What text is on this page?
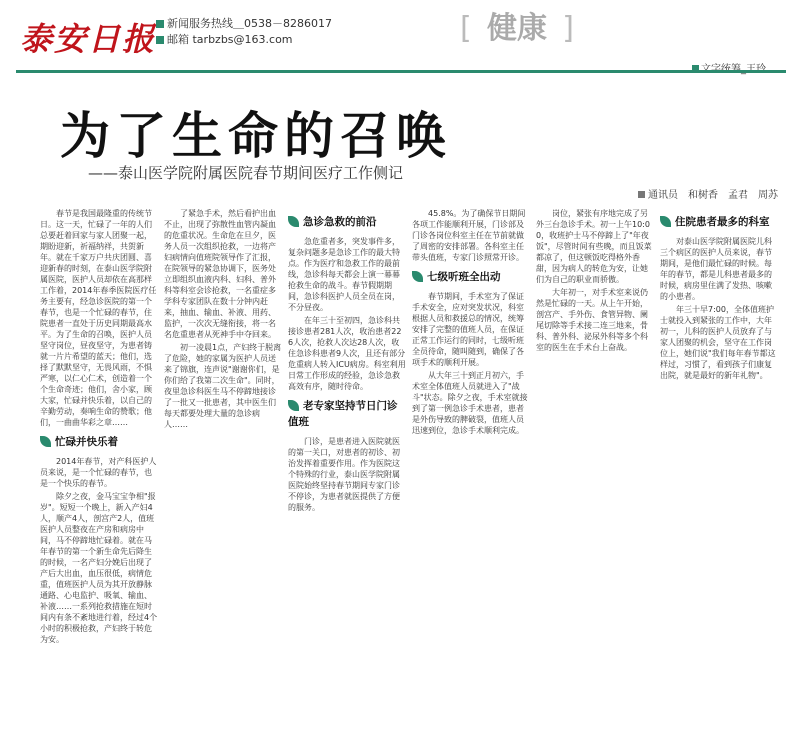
泰安日报 新闻服务热线＿0538－8286017
邮箱 tarbzbs@163.com
[	健康 ]
为了生命的召唤
——泰山医学院附属医院春节期间医疗工作侧记
通讯员　和树香　孟君　周苏

春节是我国最隆重的传统节日。这一天，忙碌了一年的人们总要赶着回家与家人团聚一起，期盼迎新，祈福纳祥，共贺新年。就在千家万户共庆团圆、喜迎新春的时刻，在泰山医学院附属医院，医护人员却依在高那样工作着，2014年春季医院医疗任务主要有，经急诊医院的第一个春节，也是一个忙碌的春节，住院患者一直处于历史同期最高水平。为了生命的召唤，医护人员坚守岗位，昼夜坚守，为患者铸就一片片希望的蓝天；他们，选择了默默坚守，无畏风雨，不惧严寒，以仁心仁术，创造着一个个生命奇迹；他们，舍小家，顾大家，忙碌并快乐着，以自己的辛勤劳动，奏响生命的赞歌；他们，一曲曲华彩之章……

忙碌并快乐着

2014年春节，对产科医护人员来说，是一个忙碌的春节，也是一个快乐的春节。

除夕之夜，金马宝宝争相"报岁"。短短一个晚上，新入产妇4人，顺产4人，剖宫产2人，值班医护人员整夜在产房和病房中间，马不停蹄地忙碌着。就在马年春节的第一个新生命先后降生的时候，一名产妇分娩后出现了产后大出血，血压很低，病情危重，值班医护人员为其开放静脉通路、心电监护、吸氧、输血、补液……一系列抢救措施在短时间内有条不紊地进行着，经过4个小时的积极抢救，产妇终于转危为安。

了紧急手术，然后看护出血不止，出现了弥散性血管内凝血的危重状况。生命危在旦夕，医务人员一次组织抢救，一边将产妇病情向值班院领导作了汇报，在院领导的紧急协调下，医务处立即组织血液内科、妇科、普外科等科室会诊抢救，一名重症多学科专家团队在数十分钟内赶来，抽血、输血、补液、用药、监护，一次次无缝衔接，将一名名危重患者从死神手中夺回来。

初一凌晨1点，产妇终于脱离了危险，她的家属为医护人员送来了锦旗，连声说"谢谢你们，是你们给了我第二次生命"。同时，夜里急诊科医生马不停蹄地接诊了一批又一批患者，其中医生们每天都要处理大量的急诊病人……

急诊急救的前沿

急危重者多，突发事件多，复杂问题多是急诊工作的最大特点。作为医疗和急救工作的最前线，急诊科每天都会上演一幕幕抢救生命的战斗。春节假期期间，急诊科医护人员全员在岗，不分昼夜。

在年三十至初四，急诊科共接诊患者281人次，收治患者226人次，抢救人次达28人次，收住急诊科患者9人次，且还有部分危重病人转入ICU病房。科室利用日常工作形成的经验，急诊急救高效有序，随时待命。

老专家坚持节日门诊值班

门诊，是患者进入医院就医的第一关口，对患者的初诊、初治发挥着重要作用。作为医院这个特殊的行业，泰山医学院附属医院始终坚持春节期间专家门诊不停诊，为患者就医提供了方便的服务。

45.8%。为了确保节日期间各项工作能顺利开展，门诊部及门诊各岗位科室主任在节前就做了周密的安排部署。各科室主任带头值班，专家门诊照常开诊。

七级听班全出动

春节期间，手术室为了保证手术安全，应对突发状况，科室根据人员和救援总的情况，统筹安排了完整的值班人员，在保证正常工作运行的同时，七级听班全员待命，随叫随到，确保了各项手术的顺利开展。

从大年三十到正月初六，手术室全体值班人员就进入了"战斗"状态。除夕之夜，手术室就接到了第一例急诊手术患者，患者是外伤导致的脾破裂，值班人员迅速到位，急诊手术顺利完成。

岗位，紧张有序地完成了另外三台急诊手术。初一上午10:00，收班护士马不停蹄上了"年夜饭"，尽管时间有些晚，而且饭菜都凉了，但这顿饭吃得格外香甜，因为病人的转危为安，让她们为自己的职业而骄傲。

大年初一，对手术室来说仍然是忙碌的一天。从上午开始，剖宫产、手外伤、食管异物、阑尾切除等手术接二连三地来，骨科、普外科、泌尿外科等多个科室的医生在手术台上奋战。

住院患者最多的科室

对泰山医学院附属医院儿科三个病区的医护人员来说，春节期间，是他们最忙碌的时候。每年的春节，都是儿科患者最多的时候，病房里住满了发热、咳嗽的小患者。

年三十早7:00，全体值班护士就投入到紧张的工作中，大年初一，儿科的医护人员放弃了与家人团聚的机会，坚守在工作岗位上，她们说"我们每年春节都这样过，习惯了，看到孩子们康复出院，就是最好的新年礼物"。
